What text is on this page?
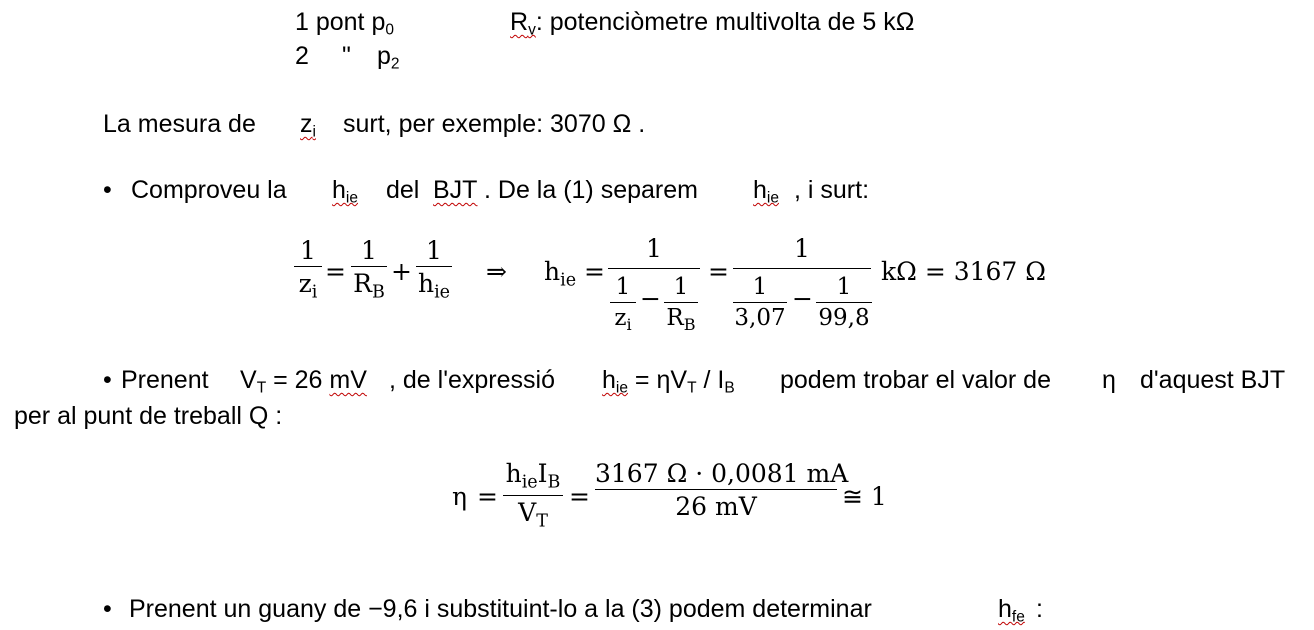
1 pont $p_0$	$R_v$: potenciòmetre multivolta de 5 kΩ
2 " $p_2$
La mesura de $z_i$ surt, per exemple: 3070 Ω .
• Comproveu la $h_{ie}$ del BJT . De la (1) separem $h_{ie}$ , i surt:
1
$z_i$
=
1
$R_B$
+
1
$h_{ie}$
⇒ $h_{ie}$ =
1
1
$z_i$
− 1
$R_B$
=
1
1
3,07
−	1
99,8
kΩ = 3167 Ω
• Prenent $V_T = 26$ mV , de l'expressió $h_{ie} = \eta V_T / I_B$ podem trobar el valor de η d'aquest BJT
per al punt de treball Q :
η =
$h_{ie}I_B$
$V_T$
=
3167 Ω · 0,0081 mA
26 mV	≅ 1
• Prenent un guany de −9,6 i substituint-lo a la (3) podem determinar	$h_{fe}$ :
